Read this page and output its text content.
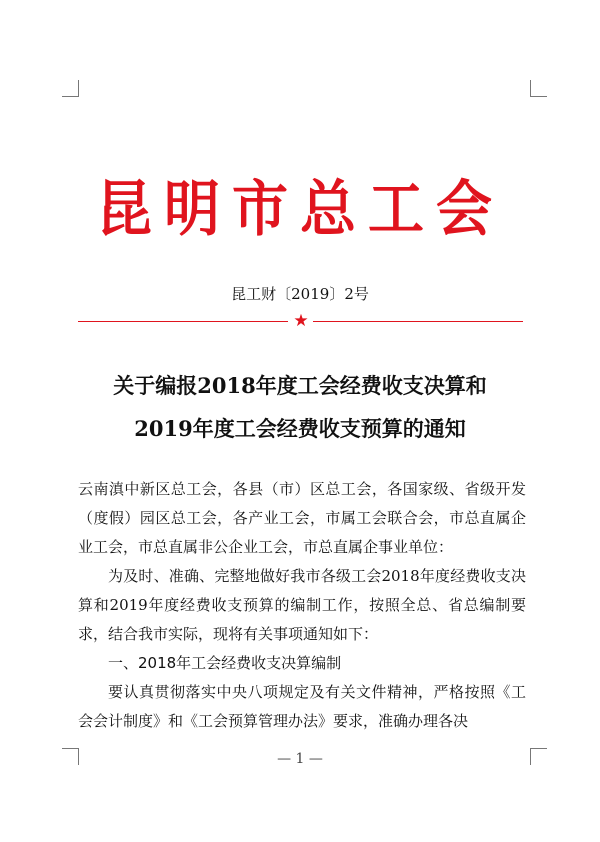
昆明市总工会
昆工财〔2019〕2号
★
关于编报2018年度工会经费收支决算和
2019年度工会经费收支预算的通知

云南滇中新区总工会，各县（市）区总工会，各国家级、省级开发（度假）园区总工会，各产业工会，市属工会联合会，市总直属企业工会，市总直属非公企业工会，市总直属企事业单位：

为及时、准确、完整地做好我市各级工会2018年度经费收支决算和2019年度经费收支预算的编制工作，按照全总、省总编制要求，结合我市实际，现将有关事项通知如下：

一、2018年工会经费收支决算编制

要认真贯彻落实中央八项规定及有关文件精神，严格按照《工会会计制度》和《工会预算管理办法》要求，准确办理各决

— 1 —
